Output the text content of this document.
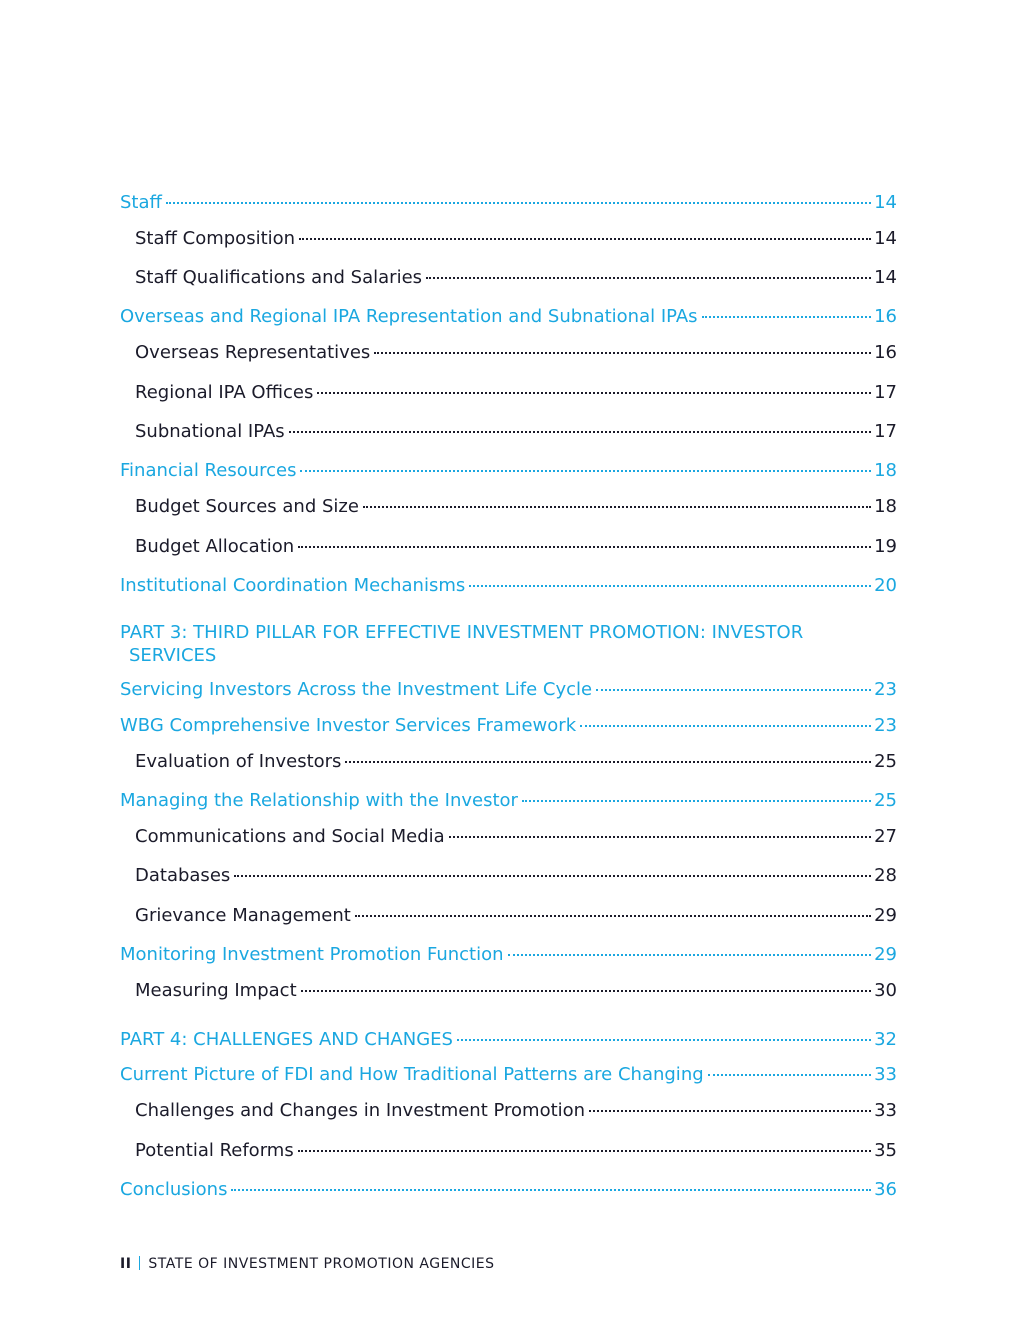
Staff	14
Staff Composition	14
Staff Qualifications and Salaries	14
Overseas and Regional IPA Representation and Subnational IPAs	16
Overseas Representatives	16
Regional IPA Offices	17
Subnational IPAs	17
Financial Resources	18
Budget Sources and Size	18
Budget Allocation	19
Institutional Coordination Mechanisms	20
PART 3: THIRD PILLAR FOR EFFECTIVE INVESTMENT PROMOTION: INVESTOR
SERVICES
Servicing Investors Across the Investment Life Cycle	23
WBG Comprehensive Investor Services Framework	23
Evaluation of Investors	25
Managing the Relationship with the Investor	25
Communications and Social Media	27
Databases	28
Grievance Management	29
Monitoring Investment Promotion Function	29
Measuring Impact	30
PART 4: CHALLENGES AND CHANGES	32
Current Picture of FDI and How Traditional Patterns are Changing	33
Challenges and Changes in Investment Promotion	33
Potential Reforms	35
Conclusions	36
II STATE OF INVESTMENT PROMOTION AGENCIES
